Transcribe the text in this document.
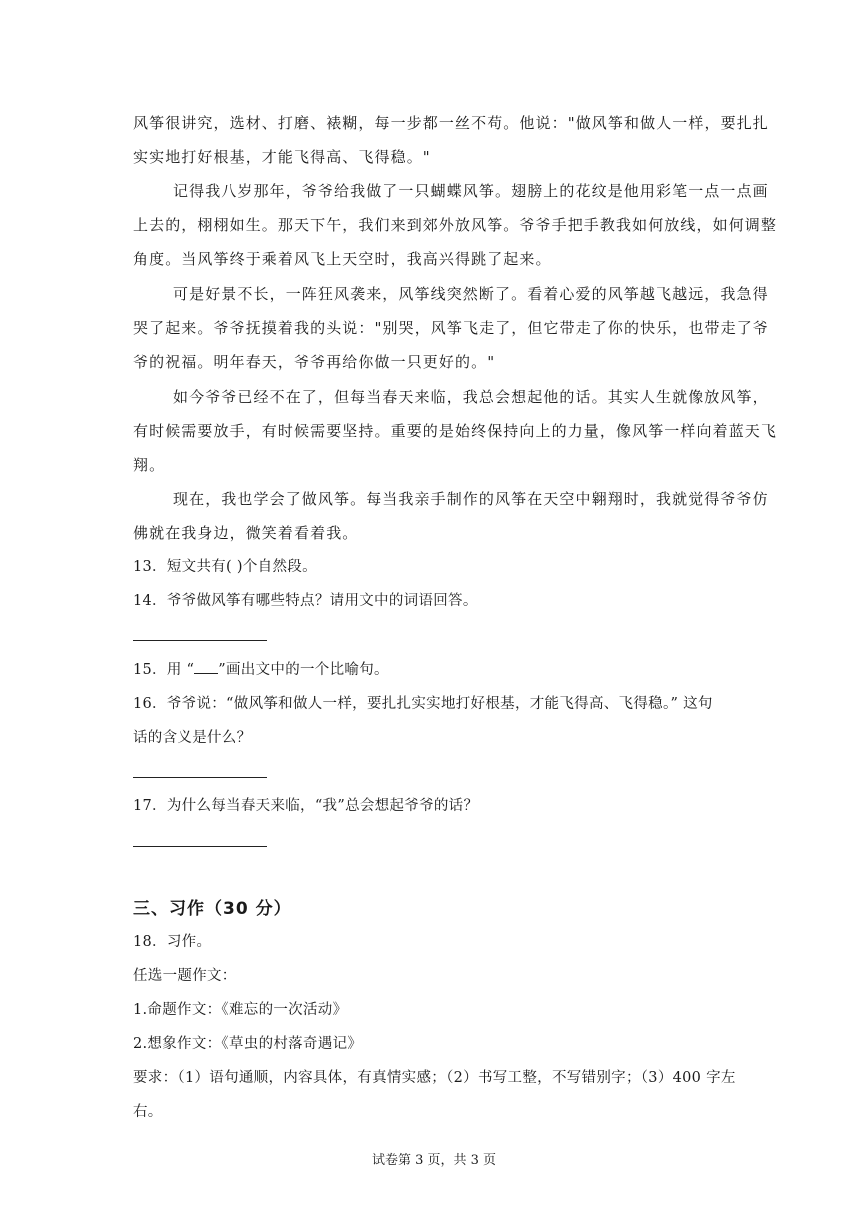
风筝很讲究，选材、打磨、裱糊，每一步都一丝不苟。他说："做风筝和做人一样，要扎扎
实实地打好根基，才能飞得高、飞得稳。"
记得我八岁那年，爷爷给我做了一只蝴蝶风筝。翅膀上的花纹是他用彩笔一点一点画
上去的，栩栩如生。那天下午，我们来到郊外放风筝。爷爷手把手教我如何放线，如何调整
角度。当风筝终于乘着风飞上天空时，我高兴得跳了起来。
可是好景不长，一阵狂风袭来，风筝线突然断了。看着心爱的风筝越飞越远，我急得
哭了起来。爷爷抚摸着我的头说："别哭，风筝飞走了，但它带走了你的快乐，也带走了爷
爷的祝福。明年春天，爷爷再给你做一只更好的。"
如今爷爷已经不在了，但每当春天来临，我总会想起他的话。其实人生就像放风筝，
有时候需要放手，有时候需要坚持。重要的是始终保持向上的力量，像风筝一样向着蓝天飞
翔。
现在，我也学会了做风筝。每当我亲手制作的风筝在天空中翱翔时，我就觉得爷爷仿
佛就在我身边，微笑着看着我。
13．短文共有( )个自然段。
14．爷爷做风筝有哪些特点？请用文中的词语回答。
15．用 “ ”画出文中的一个比喻句。
16．爷爷说：“做风筝和做人一样，要扎扎实实地打好根基，才能飞得高、飞得稳。” 这句
话的含义是什么？
17．为什么每当春天来临，“我”总会想起爷爷的话？
三、习作（30 分）
18．习作。
任选一题作文：
1.命题作文：《难忘的一次活动》
2.想象作文：《草虫的村落奇遇记》
要求：（1）语句通顺，内容具体，有真情实感；（2）书写工整，不写错别字；（3）400 字左
右。
试卷第 3 页，共 3 页
